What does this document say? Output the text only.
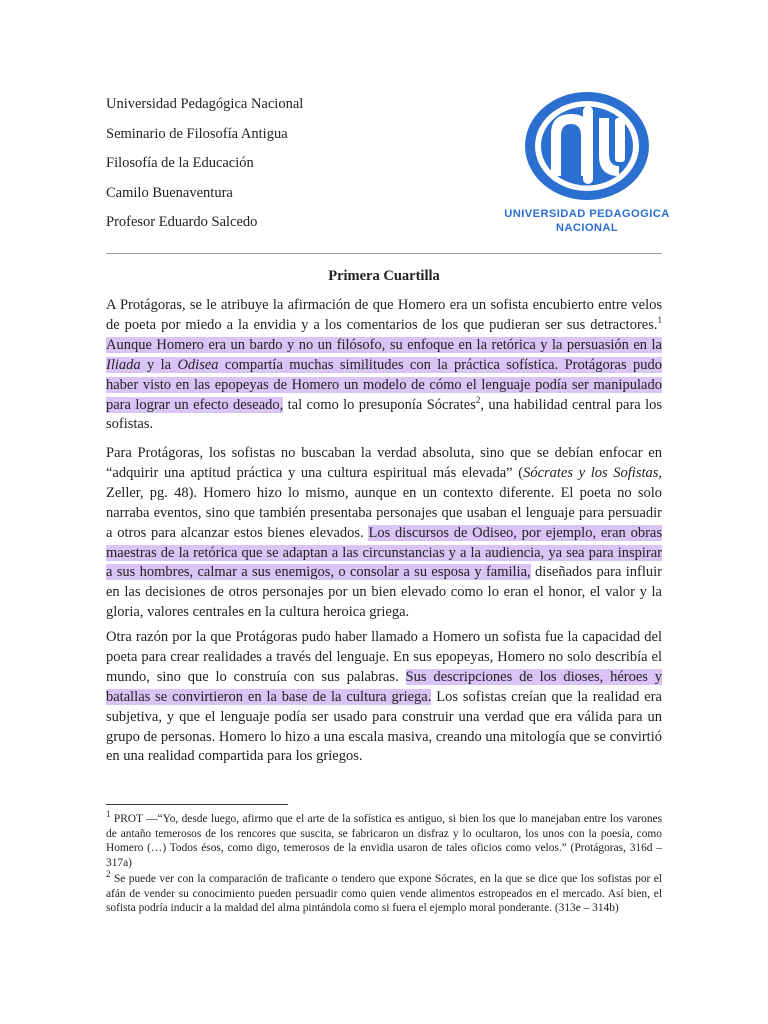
Universidad Pedagógica Nacional
Seminario de Filosofía Antigua
Filosofía de la Educación
Camilo Buenaventura
Profesor Eduardo Salcedo	UNIVERSIDAD PEDAGOGICA
NACIONAL
Primera Cuartilla

A Protágoras, se le atribuye la afirmación de que Homero era un sofista encubierto entre velos de poeta por miedo a la envidia y a los comentarios de los que pudieran ser sus detractores.$^1$ Aunque Homero era un bardo y no un filósofo, su enfoque en la retórica y la persuasión en la Iliada y la Odisea compartía muchas similitudes con la práctica sofística. Protágoras pudo haber visto en las epopeyas de Homero un modelo de cómo el lenguaje podía ser manipulado para lograr un efecto deseado, tal como lo presuponía Sócrates$^2$, una habilidad central para los sofistas.

Para Protágoras, los sofistas no buscaban la verdad absoluta, sino que se debían enfocar en “adquirir una aptitud práctica y una cultura espiritual más elevada” (Sócrates y los Sofistas, Zeller, pg. 48). Homero hizo lo mismo, aunque en un contexto diferente. El poeta no solo narraba eventos, sino que también presentaba personajes que usaban el lenguaje para persuadir a otros para alcanzar estos bienes elevados. Los discursos de Odiseo, por ejemplo, eran obras maestras de la retórica que se adaptan a las circunstancias y a la audiencia, ya sea para inspirar a sus hombres, calmar a sus enemigos, o consolar a su esposa y familia, diseñados para influir en las decisiones de otros personajes por un bien elevado como lo eran el honor, el valor y la gloria, valores centrales en la cultura heroica griega.

Otra razón por la que Protágoras pudo haber llamado a Homero un sofista fue la capacidad del poeta para crear realidades a través del lenguaje. En sus epopeyas, Homero no solo describía el mundo, sino que lo construía con sus palabras. Sus descripciones de los dioses, héroes y batallas se convirtieron en la base de la cultura griega. Los sofistas creían que la realidad era subjetiva, y que el lenguaje podía ser usado para construir una verdad que era válida para un grupo de personas. Homero lo hizo a una escala masiva, creando una mitología que se convirtió en una realidad compartida para los griegos.

$^1$ PROT —“Yo, desde luego, afirmo que el arte de la sofística es antiguo, si bien los que lo manejaban entre los varones de antaño temerosos de los rencores que suscita, se fabricaron un disfraz y lo ocultaron, los unos con la poesía, como Homero (…) Todos ésos, como digo, temerosos de la envidia usaron de tales oficios como velos.” (Protágoras, 316d – 317a)

$^2$ Se puede ver con la comparación de traficante o tendero que expone Sócrates, en la que se dice que los sofistas por el afán de vender su conocimiento pueden persuadir como quien vende alimentos estropeados en el mercado. Así bien, el sofista podría inducir a la maldad del alma pintándola como si fuera el ejemplo moral ponderante. (313e – 314b)
